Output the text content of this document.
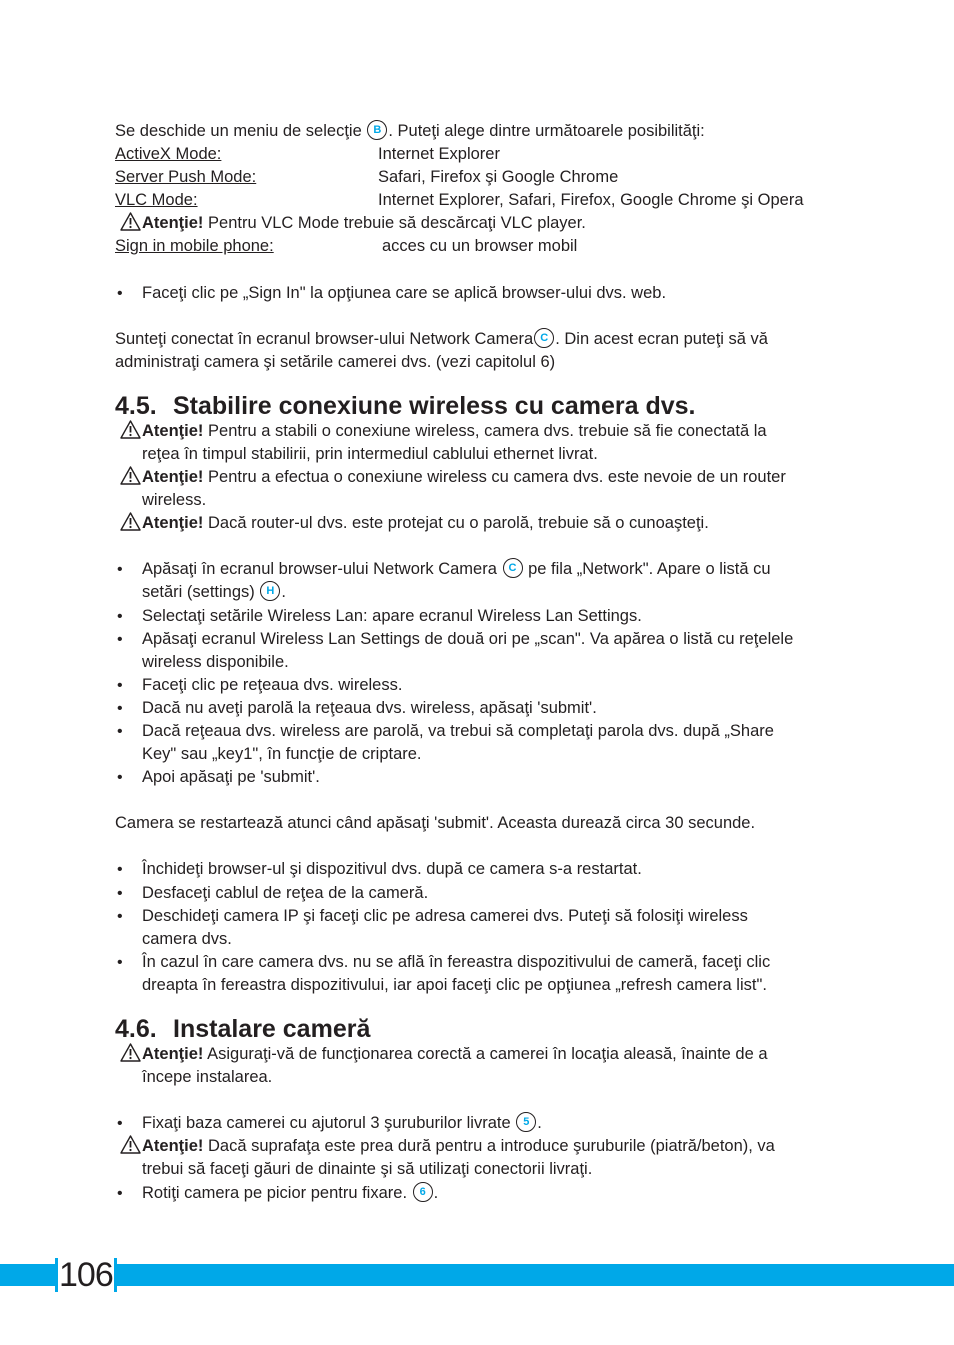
Se deschide un meniu de selecţie B . Puteţi alege dintre următoarele posibilităţi:
ActiveX Mode:	Internet Explorer
Server Push Mode:	Safari, Firefox şi Google Chrome
VLC Mode:	Internet Explorer, Safari, Firefox, Google Chrome şi Opera
Atenţie! Pentru VLC Mode trebuie să descărcaţi VLC player.
Sign in mobile phone:	acces cu un browser mobil
• Faceţi clic pe „Sign In" la opţiunea care se aplică browser-ului dvs. web.
Sunteţi conectat în ecranul browser-ului Network Camera C . Din acest ecran puteţi să vă
administraţi camera şi setările camerei dvs. (vezi capitolul 6)
4.5. Stabilire conexiune wireless cu camera dvs.
Atenţie! Pentru a stabili o conexiune wireless, camera dvs. trebuie să fie conectată la
reţea în timpul stabilirii, prin intermediul cablului ethernet livrat.
Atenţie! Pentru a efectua o conexiune wireless cu camera dvs. este nevoie de un router
wireless.
Atenţie! Dacă router-ul dvs. este protejat cu o parolă, trebuie să o cunoaşteţi.
• Apăsaţi în ecranul browser-ului Network Camera C pe fila „Network". Apare o listă cu
setări (settings) H .
• Selectaţi setările Wireless Lan: apare ecranul Wireless Lan Settings.
• Apăsaţi ecranul Wireless Lan Settings de două ori pe „scan". Va apărea o listă cu reţelele
wireless disponibile.
• Faceţi clic pe reţeaua dvs. wireless.
• Dacă nu aveţi parolă la reţeaua dvs. wireless, apăsaţi 'submit'.
• Dacă reţeaua dvs. wireless are parolă, va trebui să completaţi parola dvs. după „Share
Key" sau „key1", în funcţie de criptare.
• Apoi apăsaţi pe 'submit'.
Camera se restartează atunci când apăsaţi 'submit'. Aceasta durează circa 30 secunde.
• Închideţi browser-ul şi dispozitivul dvs. după ce camera s-a restartat.
• Desfaceţi cablul de reţea de la cameră.
• Deschideţi camera IP şi faceţi clic pe adresa camerei dvs. Puteţi să folosiţi wireless
camera dvs.
• În cazul în care camera dvs. nu se află în fereastra dispozitivului de cameră, faceţi clic
dreapta în fereastra dispozitivului, iar apoi faceţi clic pe opţiunea „refresh camera list".
4.6. Instalare cameră
Atenţie! Asiguraţi-vă de funcţionarea corectă a camerei în locaţia aleasă, înainte de a
începe instalarea.
• Fixaţi baza camerei cu ajutorul 3 şuruburilor livrate 5 .
Atenţie! Dacă suprafaţa este prea dură pentru a introduce şuruburile (piatră/beton), va
trebui să faceţi găuri de dinainte şi să utilizaţi conectorii livraţi.
• Rotiţi camera pe picior pentru fixare. 6 .
106
